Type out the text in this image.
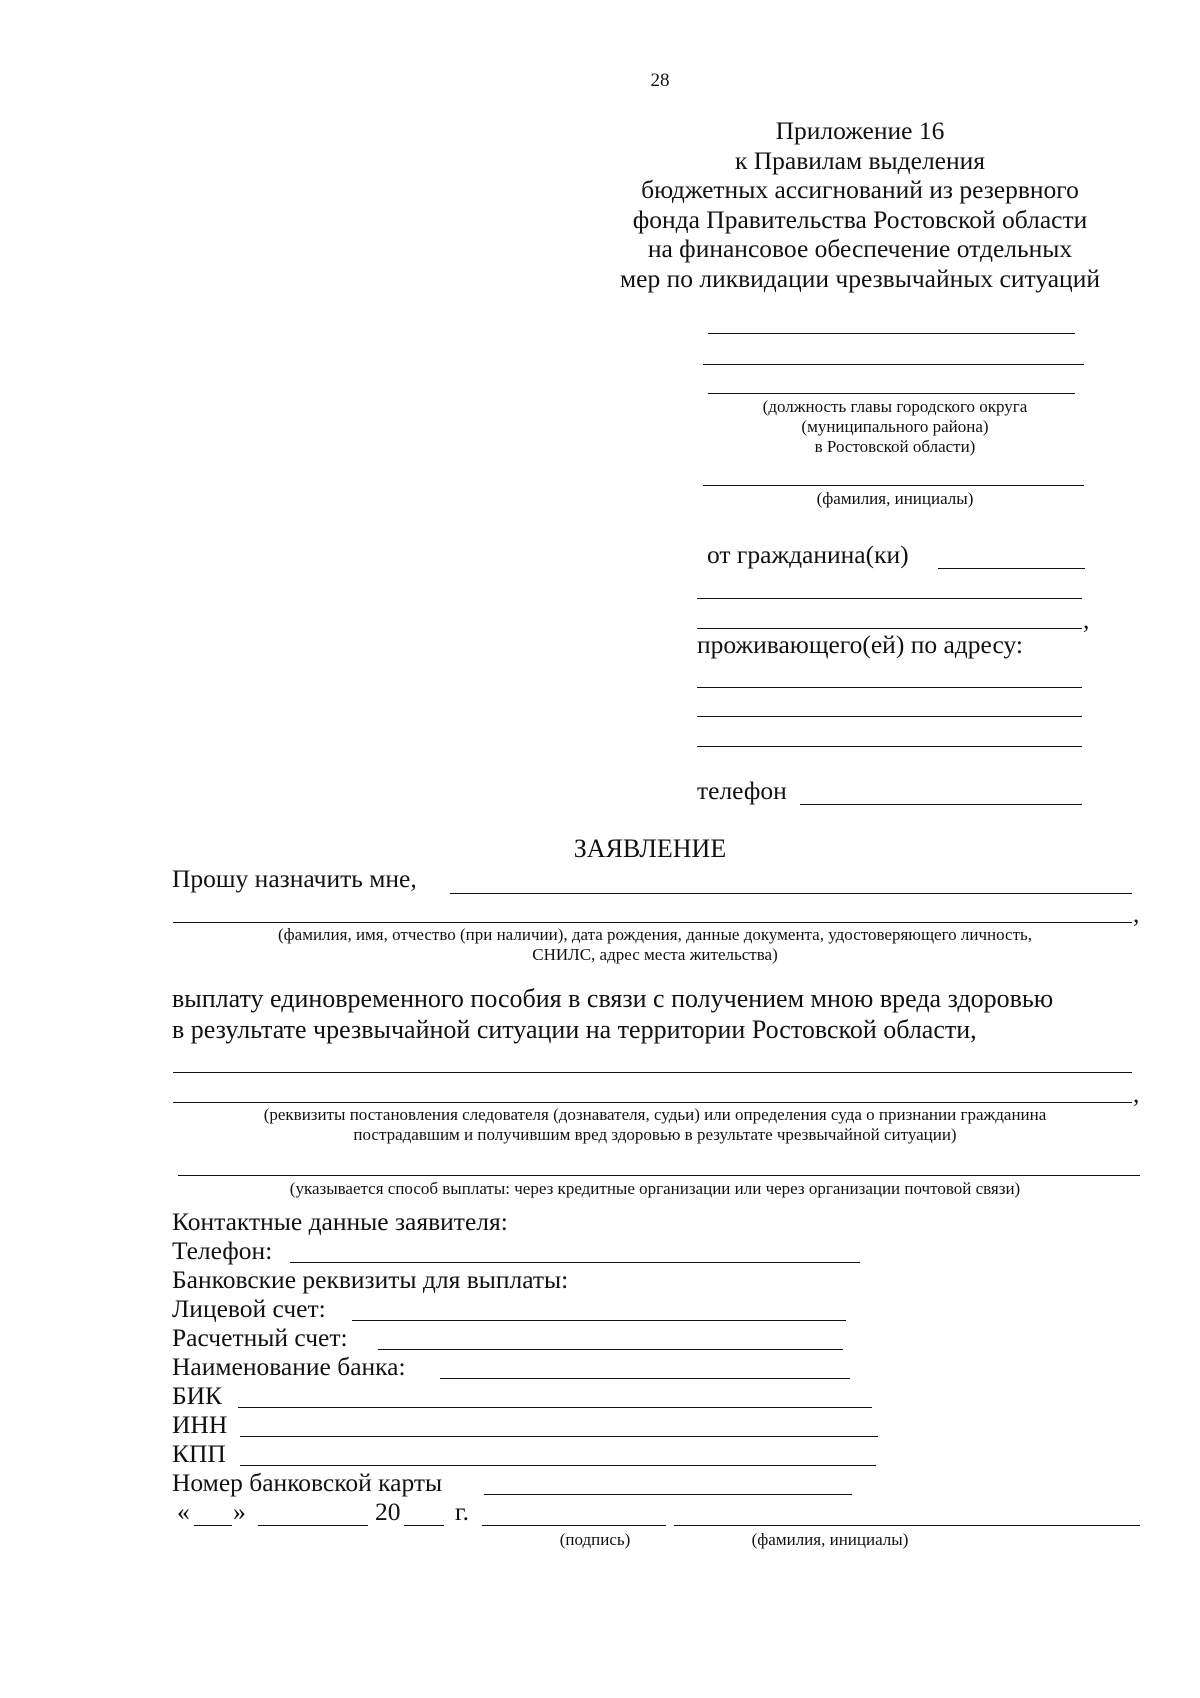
28
Приложение 16
к Правилам выделения
бюджетных ассигнований из резервного
фонда Правительства Ростовской области
на финансовое обеспечение отдельных
мер по ликвидации чрезвычайных ситуаций
(должность главы городского округа
(муниципального района)
в Ростовской области)
(фамилия, инициалы)
от гражданина(ки)
,
проживающего(ей) по адресу:
телефон
ЗАЯВЛЕНИЕ
Прошу назначить мне,
,
(фамилия, имя, отчество (при наличии), дата рождения, данные документа, удостоверяющего личность,
СНИЛС, адрес места жительства)
выплату единовременного пособия в связи с получением мною вреда здоровью
в результате чрезвычайной ситуации на территории Ростовской области,
,
(реквизиты постановления следователя (дознавателя, судьи) или определения суда о признании гражданина
пострадавшим и получившим вред здоровью в результате чрезвычайной ситуации)
(указывается способ выплаты: через кредитные организации или через организации почтовой связи)
Контактные данные заявителя:
Телефон:
Банковские реквизиты для выплаты:
Лицевой счет:
Расчетный счет:
Наименование банка:
БИК
ИНН
КПП
Номер банковской карты
« »	20 г.
(подпись)	(фамилия, инициалы)
